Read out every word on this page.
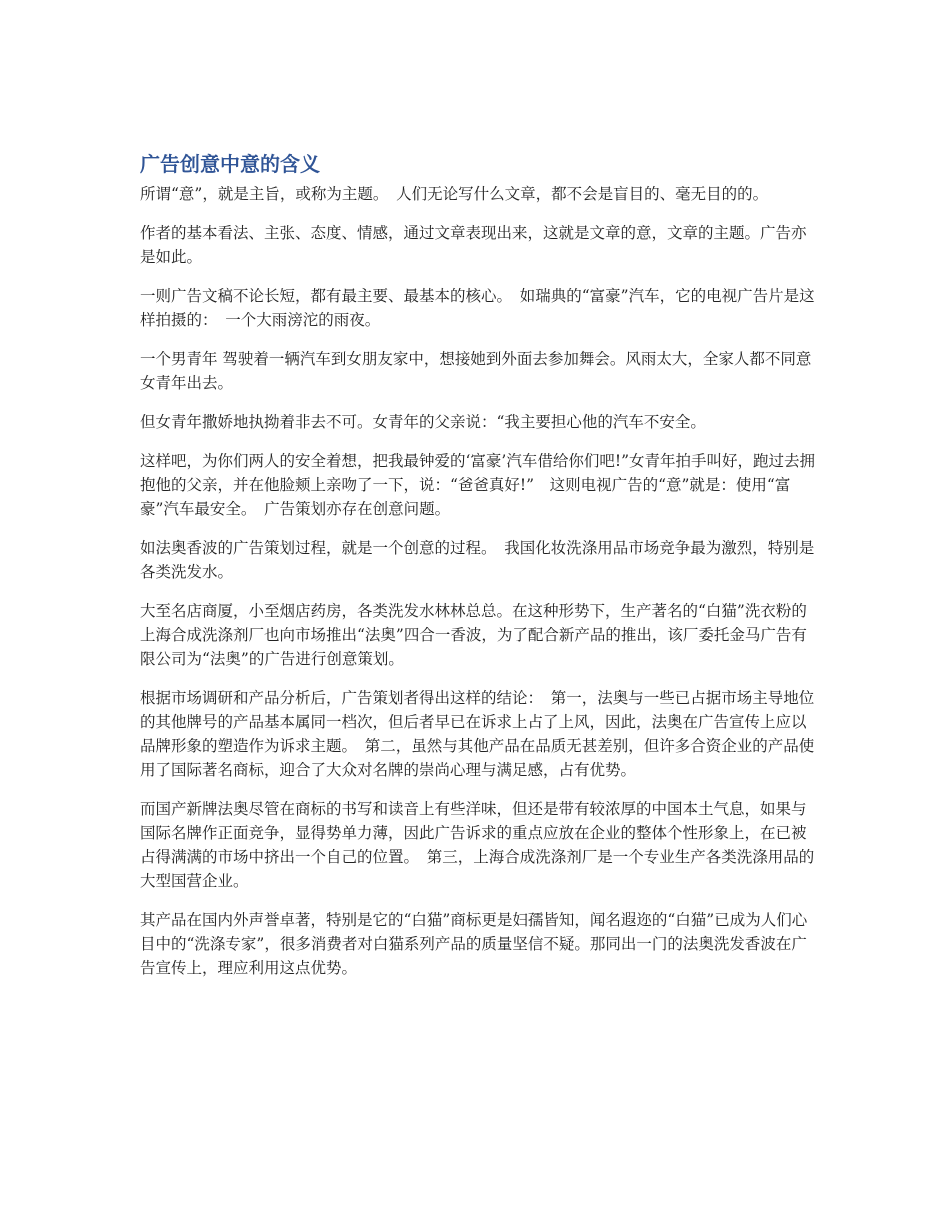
广告创意中意的含义

所谓“意”，就是主旨，或称为主题。　人们无论写什么文章，都不会是盲目的、毫无目的的。

作者的基本看法、主张、态度、情感，通过文章表现出来，这就是文章的意，文章的主题。广告亦是如此。

一则广告文稿不论长短，都有最主要、最基本的核心。　如瑞典的“富豪”汽车，它的电视广告片是这样拍摄的：　一个大雨滂沱的雨夜。

一个男青年 驾驶着一辆汽车到女朋友家中，想接她到外面去参加舞会。风雨太大，全家人都不同意女青年出去。

但女青年撒娇地执拗着非去不可。女青年的父亲说：“我主要担心他的汽车不安全。

这样吧，为你们两人的安全着想，把我最钟爱的‘富豪’汽车借给你们吧!”女青年拍手叫好，跑过去拥抱他的父亲，并在他脸颊上亲吻了一下，说：“爸爸真好!”　这则电视广告的“意”就是：使用“富豪”汽车最安全。　广告策划亦存在创意问题。

如法奥香波的广告策划过程，就是一个创意的过程。　我国化妆洗涤用品市场竞争最为激烈，特别是各类洗发水。

大至名店商厦，小至烟店药房，各类洗发水林林总总。在这种形势下，生产著名的“白猫”洗衣粉的上海合成洗涤剂厂也向市场推出“法奥”四合一香波，为了配合新产品的推出，该厂委托金马广告有限公司为“法奥”的广告进行创意策划。

根据市场调研和产品分析后，广告策划者得出这样的结论：　第一，法奥与一些已占据市场主导地位的其他牌号的产品基本属同一档次，但后者早已在诉求上占了上风，因此，法奥在广告宣传上应以品牌形象的塑造作为诉求主题。　第二，虽然与其他产品在品质无甚差别，但许多合资企业的产品使用了国际著名商标，迎合了大众对名牌的崇尚心理与满足感，占有优势。

而国产新牌法奥尽管在商标的书写和读音上有些洋味，但还是带有较浓厚的中国本土气息，如果与国际名牌作正面竞争，显得势单力薄，因此广告诉求的重点应放在企业的整体个性形象上，在已被占得满满的市场中挤出一个自己的位置。　第三，上海合成洗涤剂厂是一个专业生产各类洗涤用品的大型国营企业。

其产品在国内外声誉卓著，特别是它的“白猫”商标更是妇孺皆知，闻名遐迩的“白猫”已成为人们心目中的“洗涤专家”，很多消费者对白猫系列产品的质量坚信不疑。那同出一门的法奥洗发香波在广告宣传上，理应利用这点优势。
